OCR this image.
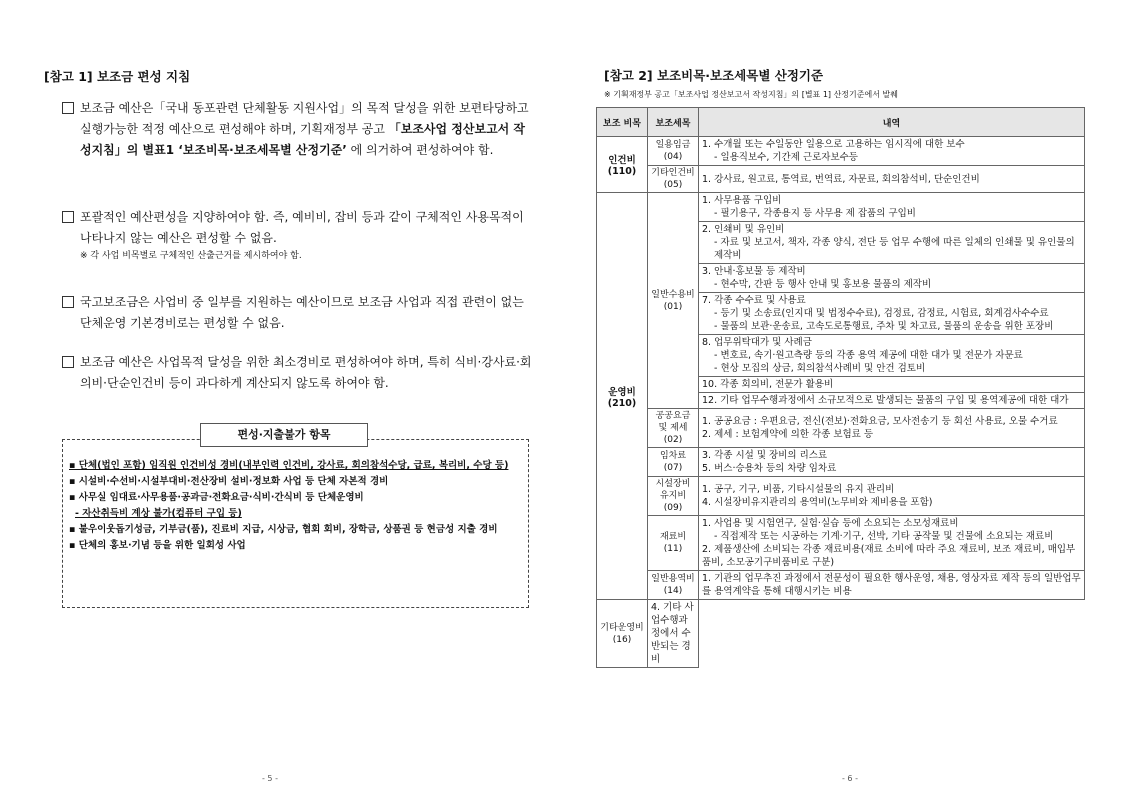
[참고 1] 보조금 편성 지침
보조금 예산은「국내 동포관련 단체활동 지원사업」의 목적 달성을 위한 보편타당하고 실행가능한 적정 예산으로 편성해야 하며, 기획재정부 공고 「보조사업 정산보고서 작성지침」의 별표1 ‘보조비목·보조세목별 산정기준’ 에 의거하여 편성하여야 함.
포괄적인 예산편성을 지양하여야 함. 즉, 예비비, 잡비 등과 같이 구체적인 사용목적이 나타나지 않는 예산은 편성할 수 없음.
※ 각 사업 비목별로 구체적인 산출근거를 제시하여야 함.
국고보조금은 사업비 중 일부를 지원하는 예산이므로 보조금 사업과 직접 관련이 없는 단체운영 기본경비로는 편성할 수 없음.
보조금 예산은 사업목적 달성을 위한 최소경비로 편성하여야 하며, 특히 식비·강사료·회의비·단순인건비 등이 과다하게 계산되지 않도록 하여야 함.
편성·지출불가 항목
▪ 단체(법인 포함) 임직원 인건비성 경비(내부인력 인건비, 강사료, 회의참석수당, 급료, 복리비, 수당 등)
▪ 시설비·수선비·시설부대비·전산장비 설비·정보화 사업 등 단체 자본적 경비
▪ 사무실 임대료·사무용품·공과금·전화요금·식비·간식비 등 단체운영비
- 자산취득비 계상 불가(컴퓨터 구입 등)
▪ 불우이웃돕기성금, 기부금(품), 진료비 지급, 시상금, 협회 회비, 장학금, 상품권 등 현금성 지출 경비
▪ 단체의 홍보·기념 등을 위한 일회성 사업
- 5 -
[참고 2] 보조비목·보조세목별 산정기준
※ 기획재정부 공고「보조사업 정산보고서 작성지침」의 [별표 1] 산정기준에서 발췌
보조 비목	보조세목	내역
인건비 (110)	일용임금 (04)	1. 수개월 또는 수일동안 일용으로 고용하는 임시직에 대한 보수
- 일용직보수, 기간제 근로자보수등

	기타인건비 (05)	1. 강사료, 원고료, 통역료, 번역료, 자문료, 회의참석비, 단순인건비
운영비 (210)	일반수용비 (01)	1. 사무용품 구입비
- 필기용구, 각종용지 등 사무용 제 잡품의 구입비

		2. 인쇄비 및 유인비
- 자료 및 보고서, 책자, 각종 양식, 전단 등 업무 수행에 따른 일체의 인쇄물 및 유인물의 제작비

		3. 안내·홍보물 등 제작비
- 현수막, 간판 등 행사 안내 및 홍보용 물품의 제작비

		7. 각종 수수료 및 사용료
- 등기 및 소송료(인지대 및 법정수수료), 검정료, 감정료, 시험료, 회계검사수수료
- 물품의 보관·운송료, 고속도로통행료, 주차 및 차고료, 물품의 운송을 위한 포장비

		8. 업무위탁대가 및 사례금
- 변호료, 속기·원고측량 등의 각종 용역 제공에 대한 대가 및 전문가 자문료
- 현상 모집의 상금, 회의참석사례비 및 안건 검토비

		10. 각종 회의비, 전문가 활용비
		12. 기타 업무수행과정에서 소규모적으로 발생되는 물품의 구입 및 용역제공에 대한 대가
	공공요금 및 제세(02)	1. 공공요금 : 우편요금, 전신(전보)·전화요금, 모사전송기 등 회선 사용료, 오물 수거료
2. 제세 : 보험계약에 의한 각종 보험료 등

	임차료 (07)	3. 각종 시설 및 장비의 리스료
5. 버스·승용차 등의 차량 임차료

	시설장비 유지비(09)	1. 공구, 기구, 비품, 기타시설물의 유지 관리비
4. 시설장비유지관리의 용역비(노무비와 제비용을 포함)

	재료비 (11)	1. 사업용 및 시험연구, 실험·실습 등에 소요되는 소모성재료비
- 직접제작 또는 시공하는 기계·기구, 선박, 기타 공작물 및 건물에 소요되는 재료비
2. 제품생산에 소비되는 각종 재료비용(재료 소비에 따라 주요 재료비, 보조 재료비, 매입부품비, 소모공기구비품비로 구분)

	일반용역비 (14)	1. 기관의 업무추진 과정에서 전문성이 필요한 행사운영, 채용, 영상자료 제작 등의 일반업무를 용역계약을 통해 대행시키는 비용
기타운영비 (16)	4. 기타 사업수행과정에서 수반되는 경비	
- 6 -
